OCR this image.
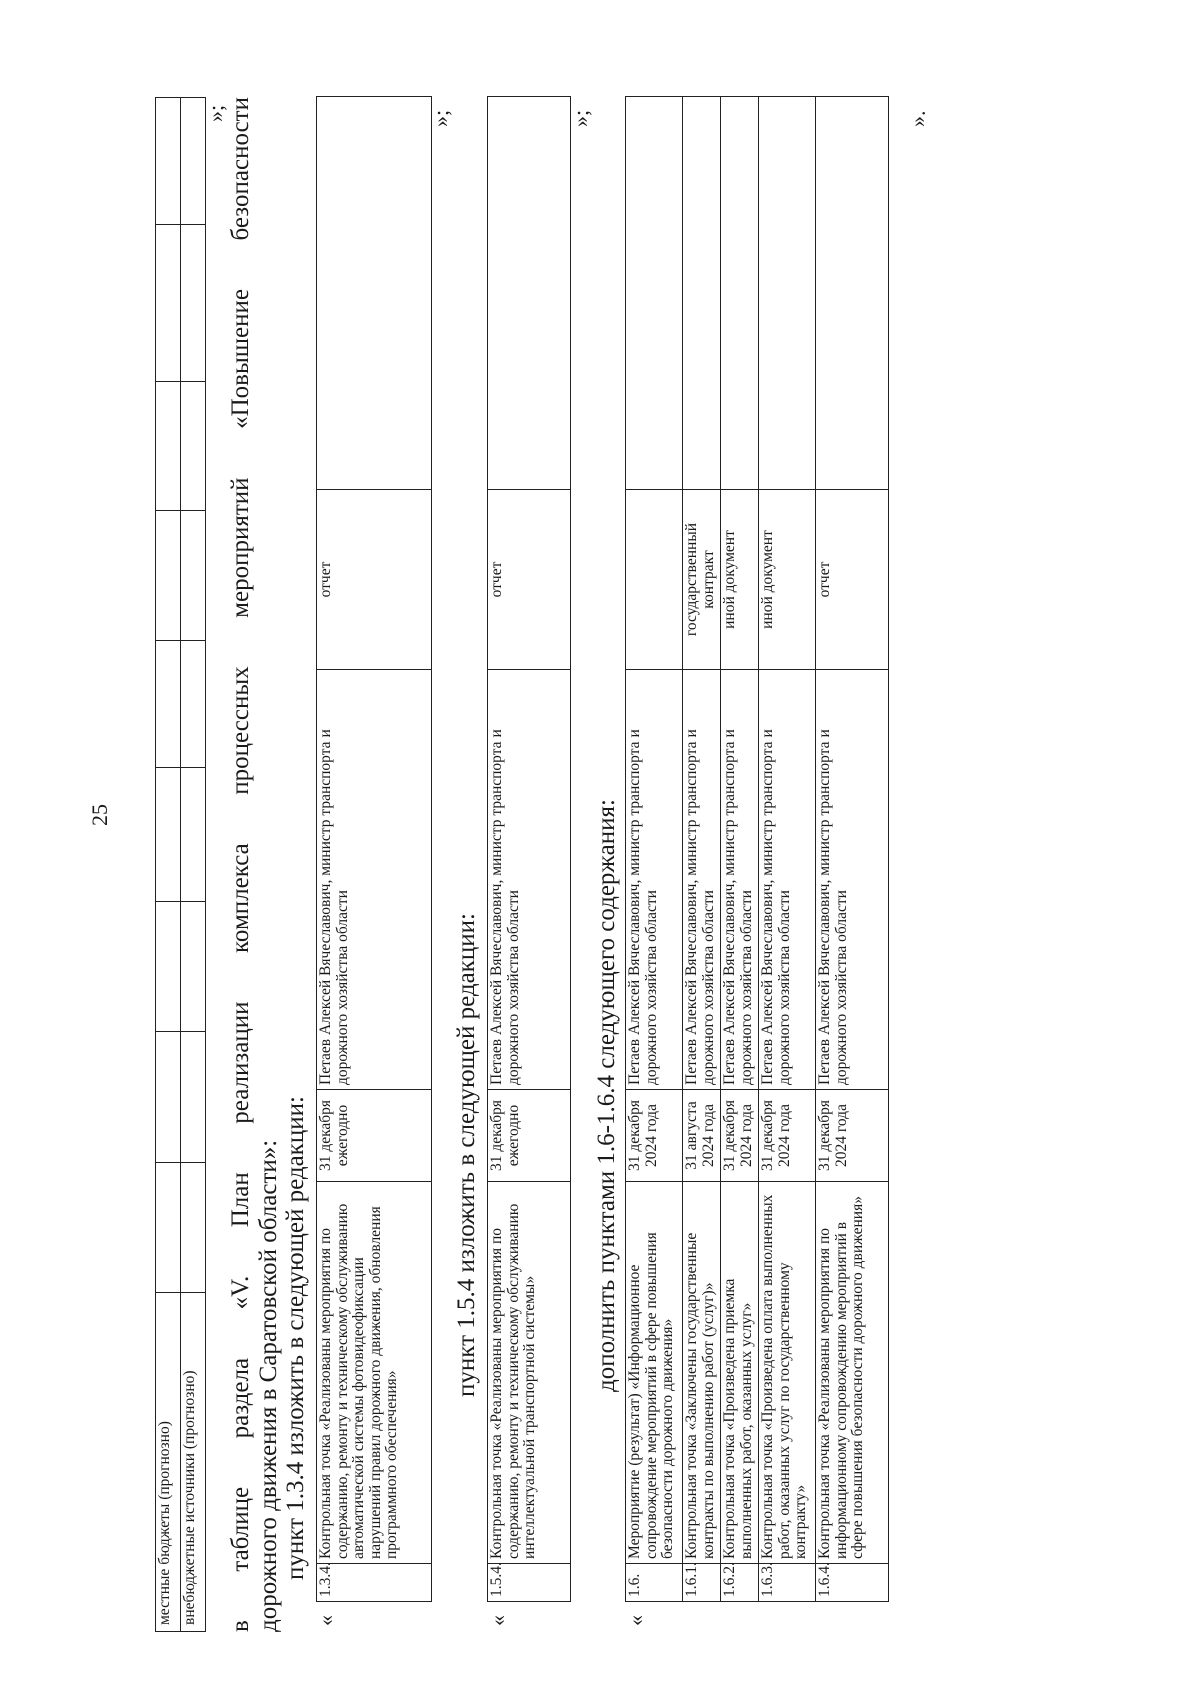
25
местные бюджеты (прогнозно)									
внебюджетные источники (прогнозно)									
»; в таблице раздела «V. План реализации комплекса процессных мероприятий «Повышение безопасности дорожного движения в Саратовской области»: пункт 1.3.4 изложить в следующей редакции:
«
1.3.4.	Контрольная точка «Реализованы мероприятия по содержанию, ремонту и техническому обслуживанию автоматической системы фотовидеофиксации нарушений правил дорожного движения, обновления программного обеспечения»	31 декабря ежегодно	Петаев Алексей Вячеславович, министр транспорта и дорожного хозяйства области	отчет	
»;
пункт 1.5.4 изложить в следующей редакции:
«
1.5.4.	Контрольная точка «Реализованы мероприятия по содержанию, ремонту и техническому обслуживанию интеллектуальной транспортной системы»	31 декабря ежегодно	Петаев Алексей Вячеславович, министр транспорта и дорожного хозяйства области	отчет	
»;
дополнить пунктами 1.6-1.6.4 следующего содержания:
«
1.6.	Мероприятие (результат) «Информационное сопровождение мероприятий в сфере повышения безопасности дорожного движения»	31 декабря 2024 года	Петаев Алексей Вячеславович, министр транспорта и дорожного хозяйства области		
1.6.1.	Контрольная точка «Заключены государственные контракты по выполнению работ (услуг)»	31 августа 2024 года	Петаев Алексей Вячеславович, министр транспорта и дорожного хозяйства области	государственный контракт	
1.6.2.	Контрольная точка «Произведена приемка выполненных работ, оказанных услуг»	31 декабря 2024 года	Петаев Алексей Вячеславович, министр транспорта и дорожного хозяйства области	иной документ	
1.6.3.	Контрольная точка «Произведена оплата выполненных работ, оказанных услуг по государственному контракту»	31 декабря 2024 года	Петаев Алексей Вячеславович, министр транспорта и дорожного хозяйства области	иной документ	
1.6.4.	Контрольная точка «Реализованы мероприятия по информационному сопровождению мероприятий в сфере повышения безопасности дорожного движения»	31 декабря 2024 года	Петаев Алексей Вячеславович, министр транспорта и дорожного хозяйства области	отчет	
».
